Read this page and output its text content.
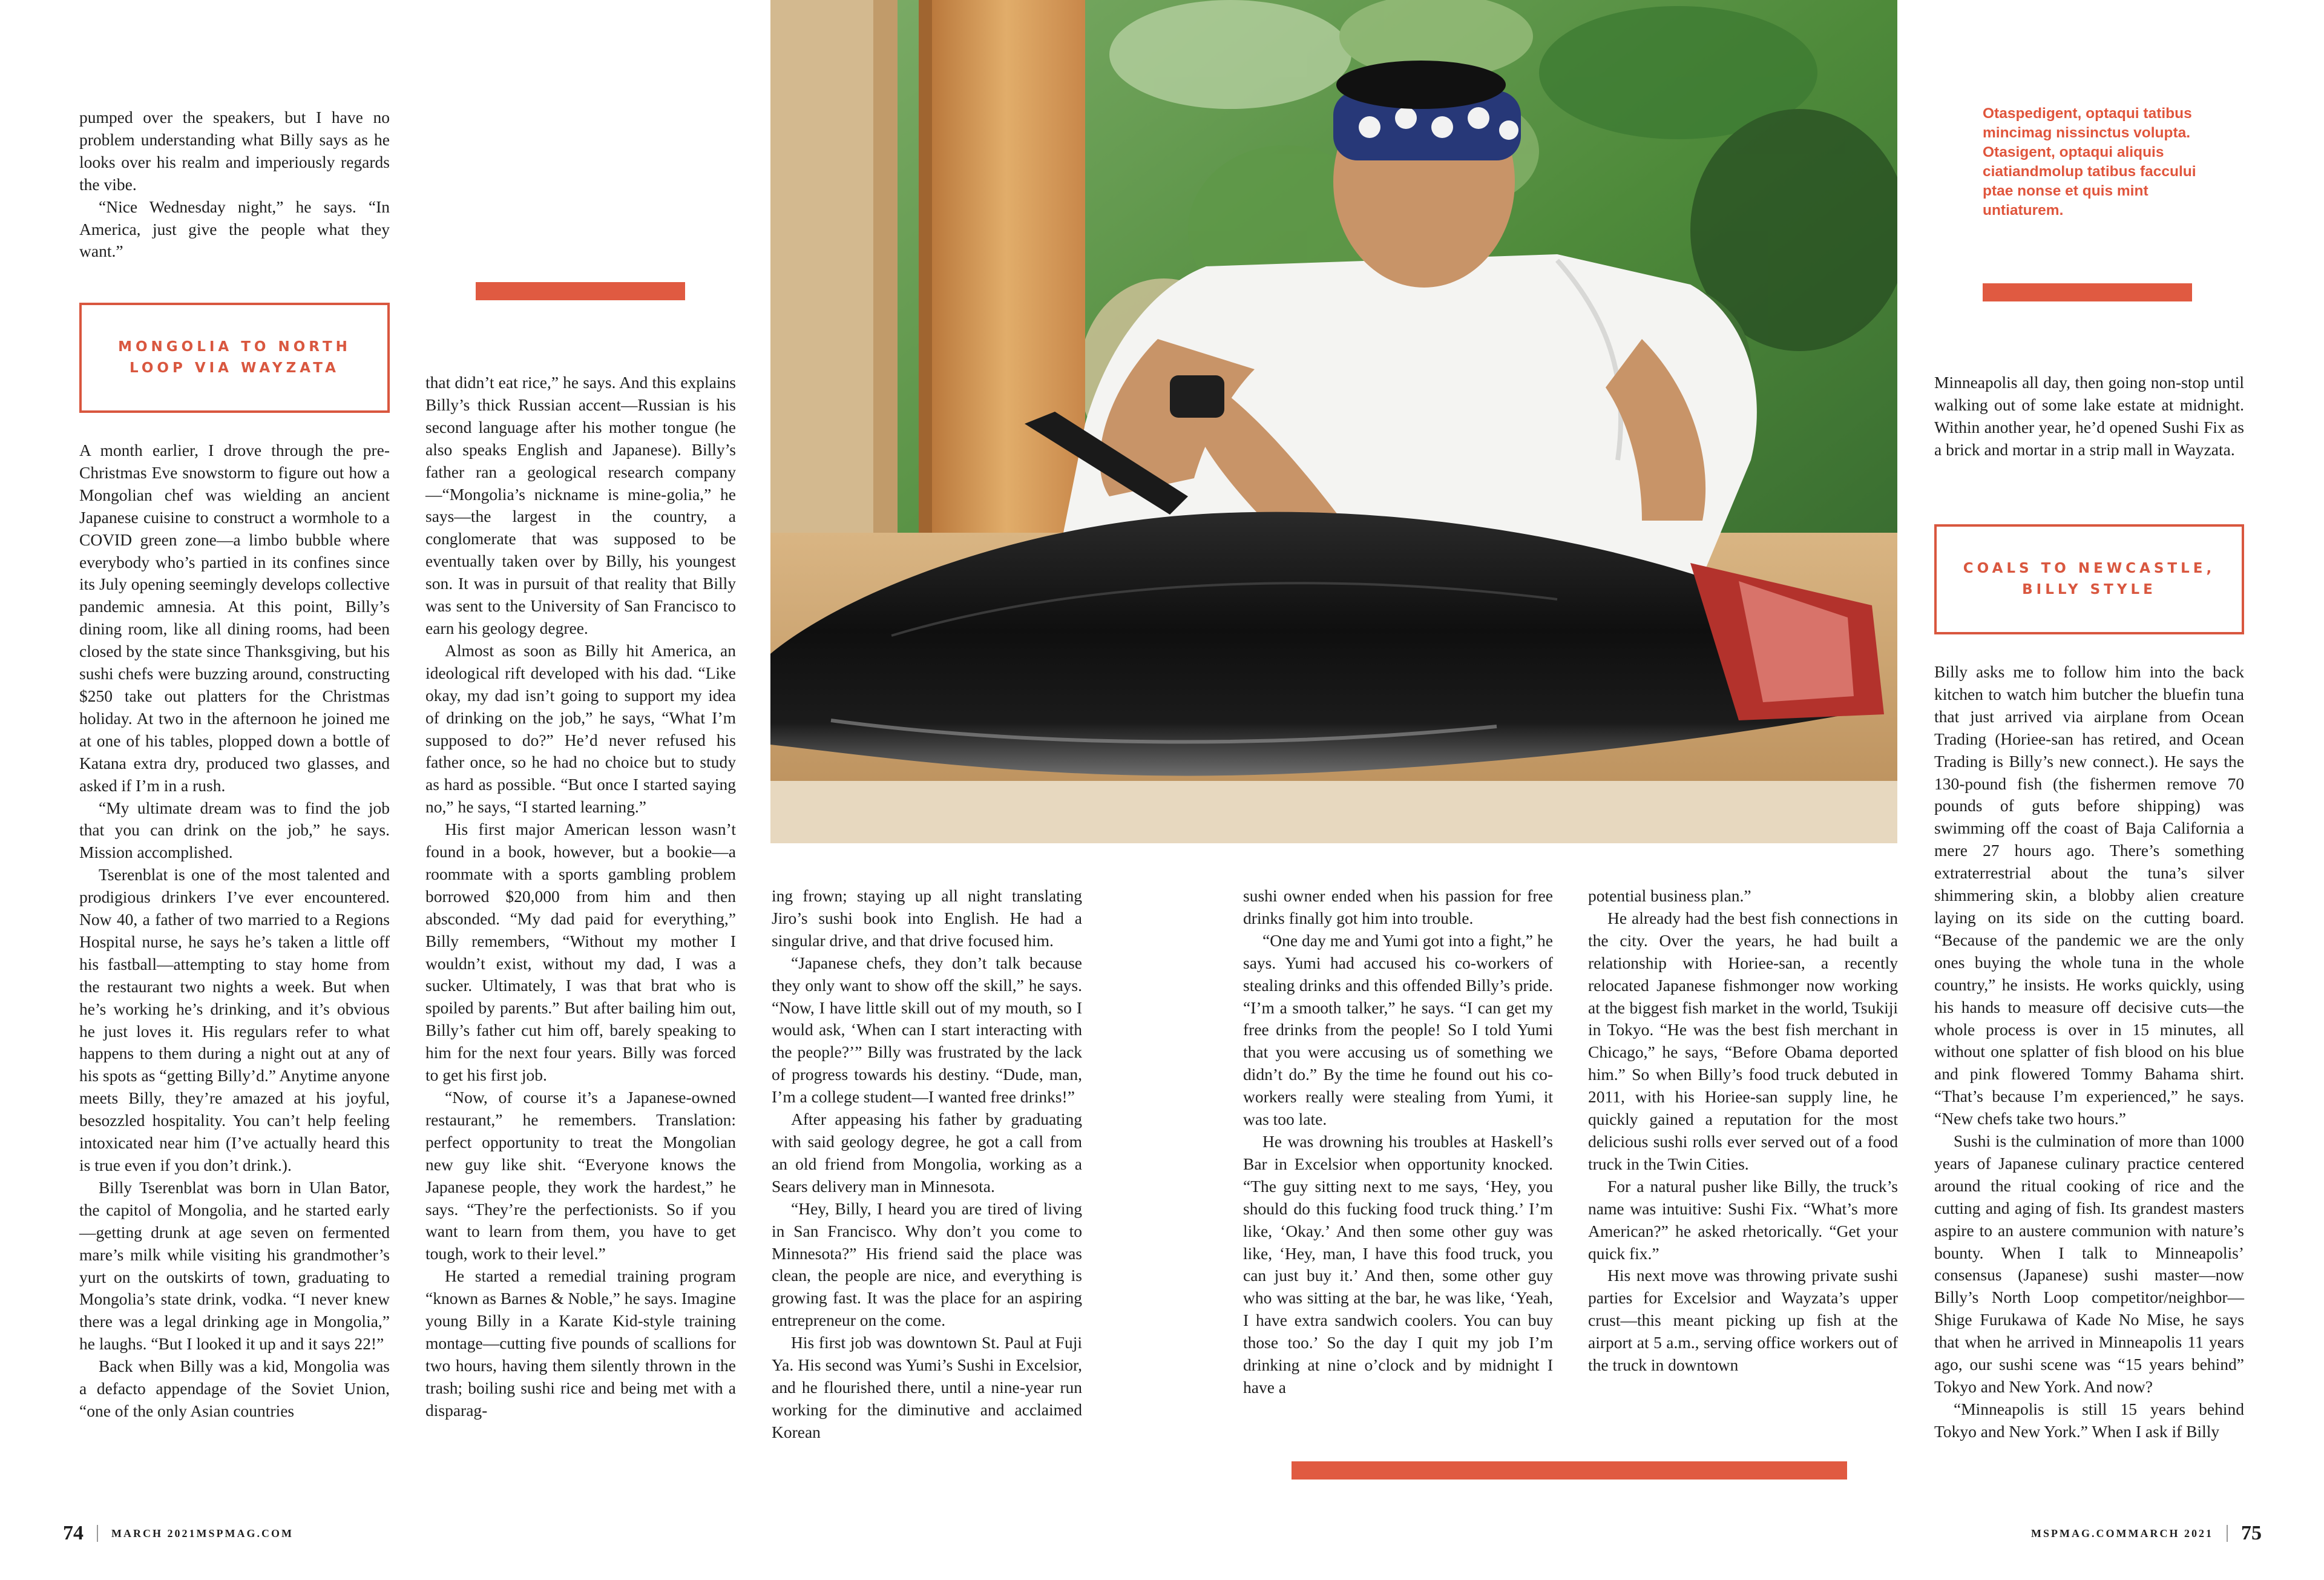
Otaspedigent, optaqui tatibus mincimag nissinctus volupta. Otasigent, optaqui aliquis ciatiandmolup tatibus faccului ptae nonse et quis mint untiaturem.
MONGOLIA TO NORTH LOOP VIA WAYZATA
COALS TO NEWCASTLE, BILLY STYLE

pumped over the speakers, but I have no problem understanding what Billy says as he looks over his realm and imperiously regards the vibe.

“Nice Wednesday night,” he says. “In America, just give the people what they want.”

A month earlier, I drove through the pre-Christmas Eve snowstorm to figure out how a Mongolian chef was wielding an ancient Japanese cuisine to construct a wormhole to a COVID green zone—a limbo bubble where everybody who’s partied in its confines since its July opening seemingly develops collective pandemic amnesia. At this point, Billy’s dining room, like all dining rooms, had been closed by the state since Thanksgiving, but his sushi chefs were buzzing around, constructing $250 take out platters for the Christmas holiday. At two in the afternoon he joined me at one of his tables, plopped down a bottle of Katana extra dry, produced two glasses, and asked if I’m in a rush.

“My ultimate dream was to find the job that you can drink on the job,” he says. Mission accomplished.

Tserenblat is one of the most talented and prodigious drinkers I’ve ever encountered. Now 40, a father of two married to a Regions Hospital nurse, he says he’s taken a little off his fastball—attempting to stay home from the restaurant two nights a week. But when he’s working he’s drinking, and it’s obvious he just loves it. His regulars refer to what happens to them during a night out at any of his spots as “getting Billy’d.” Anytime anyone meets Billy, they’re amazed at his joyful, besozzled hospitality. You can’t help feeling intoxicated near him (I’ve actually heard this is true even if you don’t drink.).

Billy Tserenblat was born in Ulan Bator, the capitol of Mongolia, and he started early—getting drunk at age seven on fermented mare’s milk while visiting his grandmother’s yurt on the outskirts of town, graduating to Mongolia’s state drink, vodka. “I never knew there was a legal drinking age in Mongolia,” he laughs. “But I looked it up and it says 22!”

Back when Billy was a kid, Mongolia was a defacto appendage of the Soviet Union, “one of the only Asian countries

that didn’t eat rice,” he says. And this explains Billy’s thick Russian accent—Russian is his second language after his mother tongue (he also speaks English and Japanese). Billy’s father ran a geological research company—“Mongolia’s nickname is mine-golia,” he says—the largest in the country, a conglomerate that was supposed to be eventually taken over by Billy, his youngest son. It was in pursuit of that reality that Billy was sent to the University of San Francisco to earn his geology degree.

Almost as soon as Billy hit America, an ideological rift developed with his dad. “Like okay, my dad isn’t going to support my idea of drinking on the job,” he says, “What I’m supposed to do?” He’d never refused his father once, so he had no choice but to study as hard as possible. “But once I started saying no,” he says, “I started learning.”

His first major American lesson wasn’t found in a book, however, but a bookie—a roommate with a sports gambling problem borrowed $20,000 from him and then absconded. “My dad paid for everything,” Billy remembers, “Without my mother I wouldn’t exist, without my dad, I was a sucker. Ultimately, I was that brat who is spoiled by parents.” But after bailing him out, Billy’s father cut him off, barely speaking to him for the next four years. Billy was forced to get his first job.

“Now, of course it’s a Japanese-owned restaurant,” he remembers. Translation: perfect opportunity to treat the Mongolian new guy like shit. “Everyone knows the Japanese people, they work the hardest,” he says. “They’re the perfectionists. So if you want to learn from them, you have to get tough, work to their level.”

He started a remedial training program “known as Barnes & Noble,” he says. Imagine young Billy in a Karate Kid-style training montage—cutting five pounds of scallions for two hours, having them silently thrown in the trash; boiling sushi rice and being met with a disparag-

ing frown; staying up all night translating Jiro’s sushi book into English. He had a singular drive, and that drive focused him.

“Japanese chefs, they don’t talk because they only want to show off the skill,” he says. “Now, I have little skill out of my mouth, so I would ask, ‘When can I start interacting with the people?’” Billy was frustrated by the lack of progress towards his destiny. “Dude, man, I’m a college student—I wanted free drinks!”

After appeasing his father by graduating with said geology degree, he got a call from an old friend from Mongolia, working as a Sears delivery man in Minnesota.

“Hey, Billy, I heard you are tired of living in San Francisco. Why don’t you come to Minnesota?” His friend said the place was clean, the people are nice, and everything is growing fast. It was the place for an aspiring entrepreneur on the come.

His first job was downtown St. Paul at Fuji Ya. His second was Yumi’s Sushi in Excelsior, and he flourished there, until a nine-year run working for the diminutive and acclaimed Korean

sushi owner ended when his passion for free drinks finally got him into trouble.

“One day me and Yumi got into a fight,” he says. Yumi had accused his co-workers of stealing drinks and this offended Billy’s pride. “I’m a smooth talker,” he says. “I can get my free drinks from the people! So I told Yumi that you were accusing us of something we didn’t do.” By the time he found out his co-workers really were stealing from Yumi, it was too late.

He was drowning his troubles at Haskell’s Bar in Excelsior when opportunity knocked. “The guy sitting next to me says, ‘Hey, you should do this fucking food truck thing.’ I’m like, ‘Okay.’ And then some other guy was like, ‘Hey, man, I have this food truck, you can just buy it.’ And then, some other guy who was sitting at the bar, he was like, ‘Yeah, I have extra sandwich coolers. You can buy those too.’ So the day I quit my job I’m drinking at nine o’clock and by midnight I have a

potential business plan.”

He already had the best fish connections in the city. Over the years, he had built a relationship with Horiee-san, a recently relocated Japanese fishmonger now working at the biggest fish market in the world, Tsukiji in Tokyo. “He was the best fish merchant in Chicago,” he says, “Before Obama deported him.” So when Billy’s food truck debuted in 2011, with his Horiee-san supply line, he quickly gained a reputation for the most delicious sushi rolls ever served out of a food truck in the Twin Cities.

For a natural pusher like Billy, the truck’s name was intuitive: Sushi Fix. “What’s more American?” he asked rhetorically. “Get your quick fix.”

His next move was throwing private sushi parties for Excelsior and Wayzata’s upper crust—this meant picking up fish at the airport at 5 a.m., serving office workers out of the truck in downtown

Minneapolis all day, then going non-stop until walking out of some lake estate at midnight. Within another year, he’d opened Sushi Fix as a brick and mortar in a strip mall in Wayzata.

Billy asks me to follow him into the back kitchen to watch him butcher the bluefin tuna that just arrived via airplane from Ocean Trading (Horiee-san has retired, and Ocean Trading is Billy’s new connect.). He says the 130-pound fish (the fishermen remove 70 pounds of guts before shipping) was swimming off the coast of Baja California a mere 27 hours ago. There’s something extraterrestrial about the tuna’s silver shimmering skin, a blobby alien creature laying on its side on the cutting board. “Because of the pandemic we are the only ones buying the whole tuna in the whole country,” he insists. He works quickly, using his hands to measure off decisive cuts—the whole process is over in 15 minutes, all without one splatter of fish blood on his blue and pink flowered Tommy Bahama shirt. “That’s because I’m experienced,” he says. “New chefs take two hours.”

Sushi is the culmination of more than 1000 years of Japanese culinary practice centered around the ritual cooking of rice and the cutting and aging of fish. Its grandest masters aspire to an austere communion with nature’s bounty. When I talk to Minneapolis’ consensus (Japanese) sushi master—now Billy’s North Loop competitor/neighbor—Shige Furukawa of Kade No Mise, he says that when he arrived in Minneapolis 11 years ago, our sushi scene was “15 years behind” Tokyo and New York. And now?

“Minneapolis is still 15 years behind Tokyo and New York.” When I ask if Billy

74	MARCH 2021 MSPMAG.COM	MSPMAG.COM MARCH 2021 75
